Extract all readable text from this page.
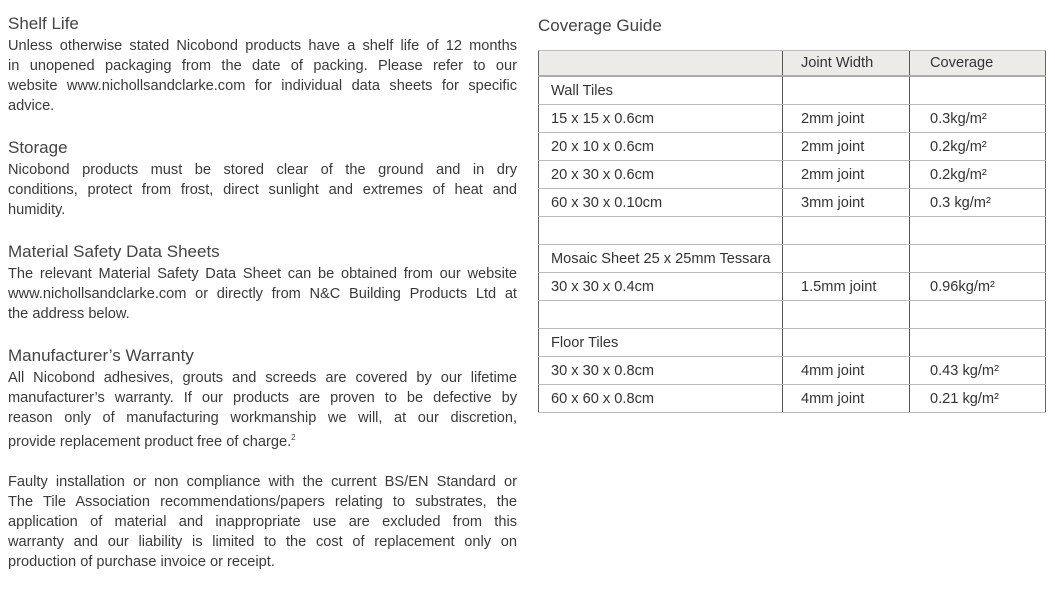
Shelf Life
Unless otherwise stated Nicobond products have a shelf life of 12 months
in unopened packaging from the date of packing. Please refer to our
website www.nichollsandclarke.com for individual data sheets for specific
advice.
Storage
Nicobond products must be stored clear of the ground and in dry
conditions, protect from frost, direct sunlight and extremes of heat and
humidity.
Material Safety Data Sheets
The relevant Material Safety Data Sheet can be obtained from our website
www.nichollsandclarke.com or directly from N&C Building Products Ltd at
the address below.
Manufacturer’s Warranty
All Nicobond adhesives, grouts and screeds are covered by our lifetime
manufacturer’s warranty. If our products are proven to be defective by
reason only of manufacturing workmanship we will, at our discretion,
provide replacement product free of charge.$^2$
Faulty installation or non compliance with the current BS/EN Standard or
The Tile Association recommendations/papers relating to substrates, the
application of material and inappropriate use are excluded from this
warranty and our liability is limited to the cost of replacement only on
production of purchase invoice or receipt.
Coverage Guide
	Joint Width	Coverage
Wall Tiles		
15 x 15 x 0.6cm	2mm joint	0.3kg/m²
20 x 10 x 0.6cm	2mm joint	0.2kg/m²
20 x 30 x 0.6cm	2mm joint	0.2kg/m²
60 x 30 x 0.10cm	3mm joint	0.3 kg/m²

Mosaic Sheet 25 x 25mm Tessara		
30 x 30 x 0.4cm	1.5mm joint	0.96kg/m²

Floor Tiles		
30 x 30 x 0.8cm	4mm joint	0.43 kg/m²
60 x 60 x 0.8cm	4mm joint	0.21 kg/m²
